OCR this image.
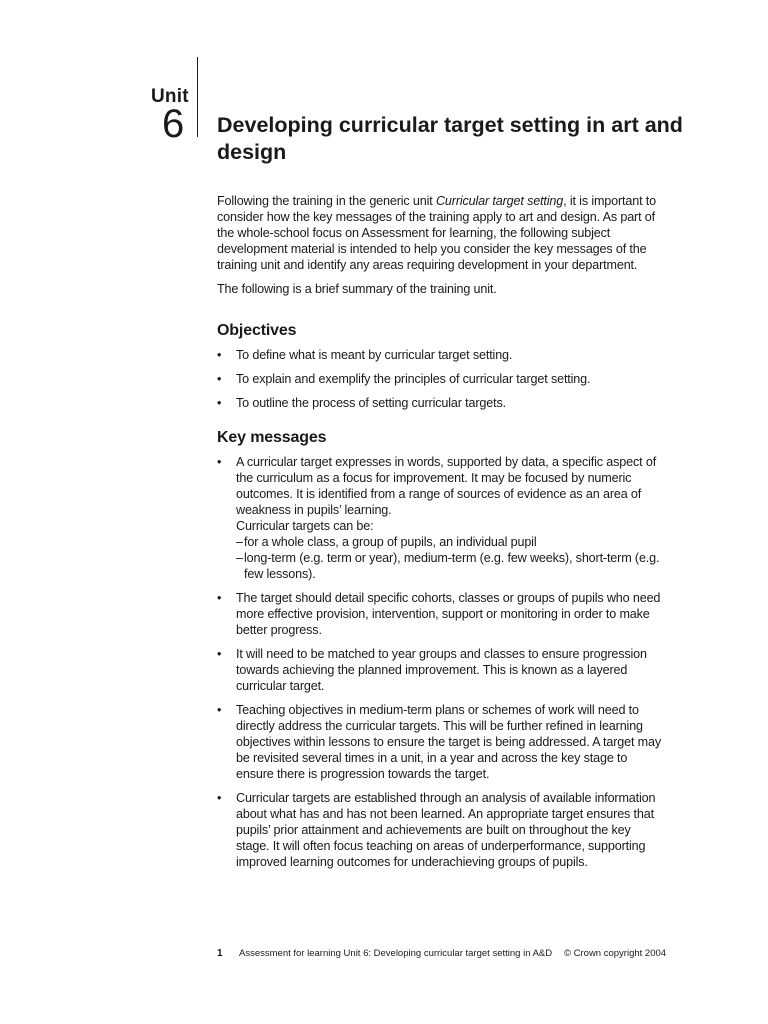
Unit
6 Developing curricular target setting in art and design

Following the training in the generic unit Curricular target setting, it is important to consider how the key messages of the training apply to art and design. As part of the whole-school focus on Assessment for learning, the following subject development material is intended to help you consider the key messages of the training unit and identify any areas requiring development in your department.

The following is a brief summary of the training unit.

Objectives
• To define what is meant by curricular target setting.
• To explain and exemplify the principles of curricular target setting.
• To outline the process of setting curricular targets.
Key messages
• A curricular target expresses in words, supported by data, a specific aspect of the curriculum as a focus for improvement. It may be focused by numeric outcomes. It is identified from a range of sources of evidence as an area of weakness in pupils’ learning.
Curricular targets can be:
– for a whole class, a group of pupils, an individual pupil
– long-term (e.g. term or year), medium-term (e.g. few weeks), short-term (e.g. few lessons).
• The target should detail specific cohorts, classes or groups of pupils who need more effective provision, intervention, support or monitoring in order to make better progress.
• It will need to be matched to year groups and classes to ensure progression towards achieving the planned improvement. This is known as a layered curricular target.
• Teaching objectives in medium-term plans or schemes of work will need to directly address the curricular targets. This will be further refined in learning objectives within lessons to ensure the target is being addressed. A target may be revisited several times in a unit, in a year and across the key stage to ensure there is progression towards the target.
• Curricular targets are established through an analysis of available information about what has and has not been learned. An appropriate target ensures that pupils’ prior attainment and achievements are built on throughout the key stage. It will often focus teaching on areas of underperformance, supporting improved learning outcomes for underachieving groups of pupils.
1 Assessment for learning Unit 6: Developing curricular target setting in A&D © Crown copyright 2004
